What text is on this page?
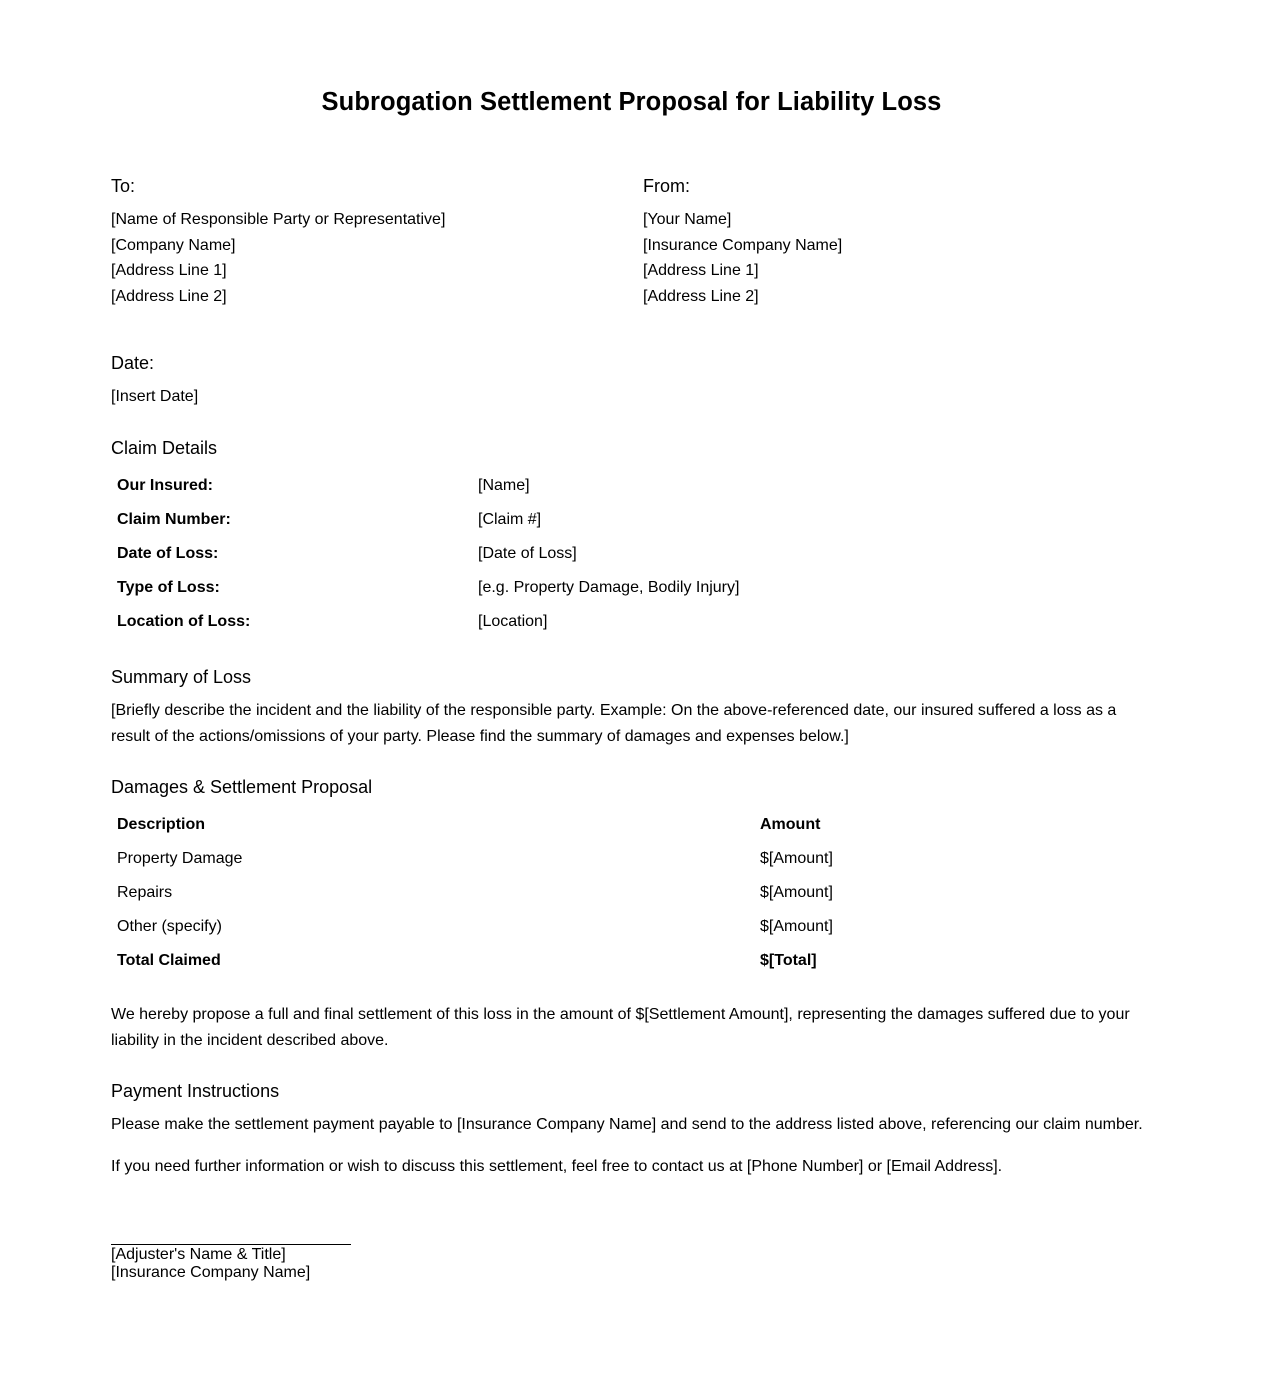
Subrogation Settlement Proposal for Liability Loss

To:

[Name of Responsible Party or Representative]

[Company Name]

[Address Line 1]

[Address Line 2]

From:

[Your Name]

[Insurance Company Name]

[Address Line 1]

[Address Line 2]

Date:

[Insert Date]

Claim Details
Our Insured:	[Name]
Claim Number:	[Claim #]
Date of Loss:	[Date of Loss]
Type of Loss:	[e.g. Property Damage, Bodily Injury]
Location of Loss:	[Location]
Summary of Loss

[Briefly describe the incident and the liability of the responsible party. Example: On the above-referenced date, our insured suffered a loss as a result of the actions/omissions of your party. Please find the summary of damages and expenses below.]

Damages & Settlement Proposal
Description	Amount
Property Damage	$[Amount]
Repairs	$[Amount]
Other (specify)	$[Amount]
Total Claimed	$[Total]

We hereby propose a full and final settlement of this loss in the amount of $[Settlement Amount], representing the damages suffered due to your liability in the incident described above.

Payment Instructions

Please make the settlement payment payable to [Insurance Company Name] and send to the address listed above, referencing our claim number.

If you need further information or wish to discuss this settlement, feel free to contact us at [Phone Number] or [Email Address].

[Adjuster's Name & Title]

[Insurance Company Name]
